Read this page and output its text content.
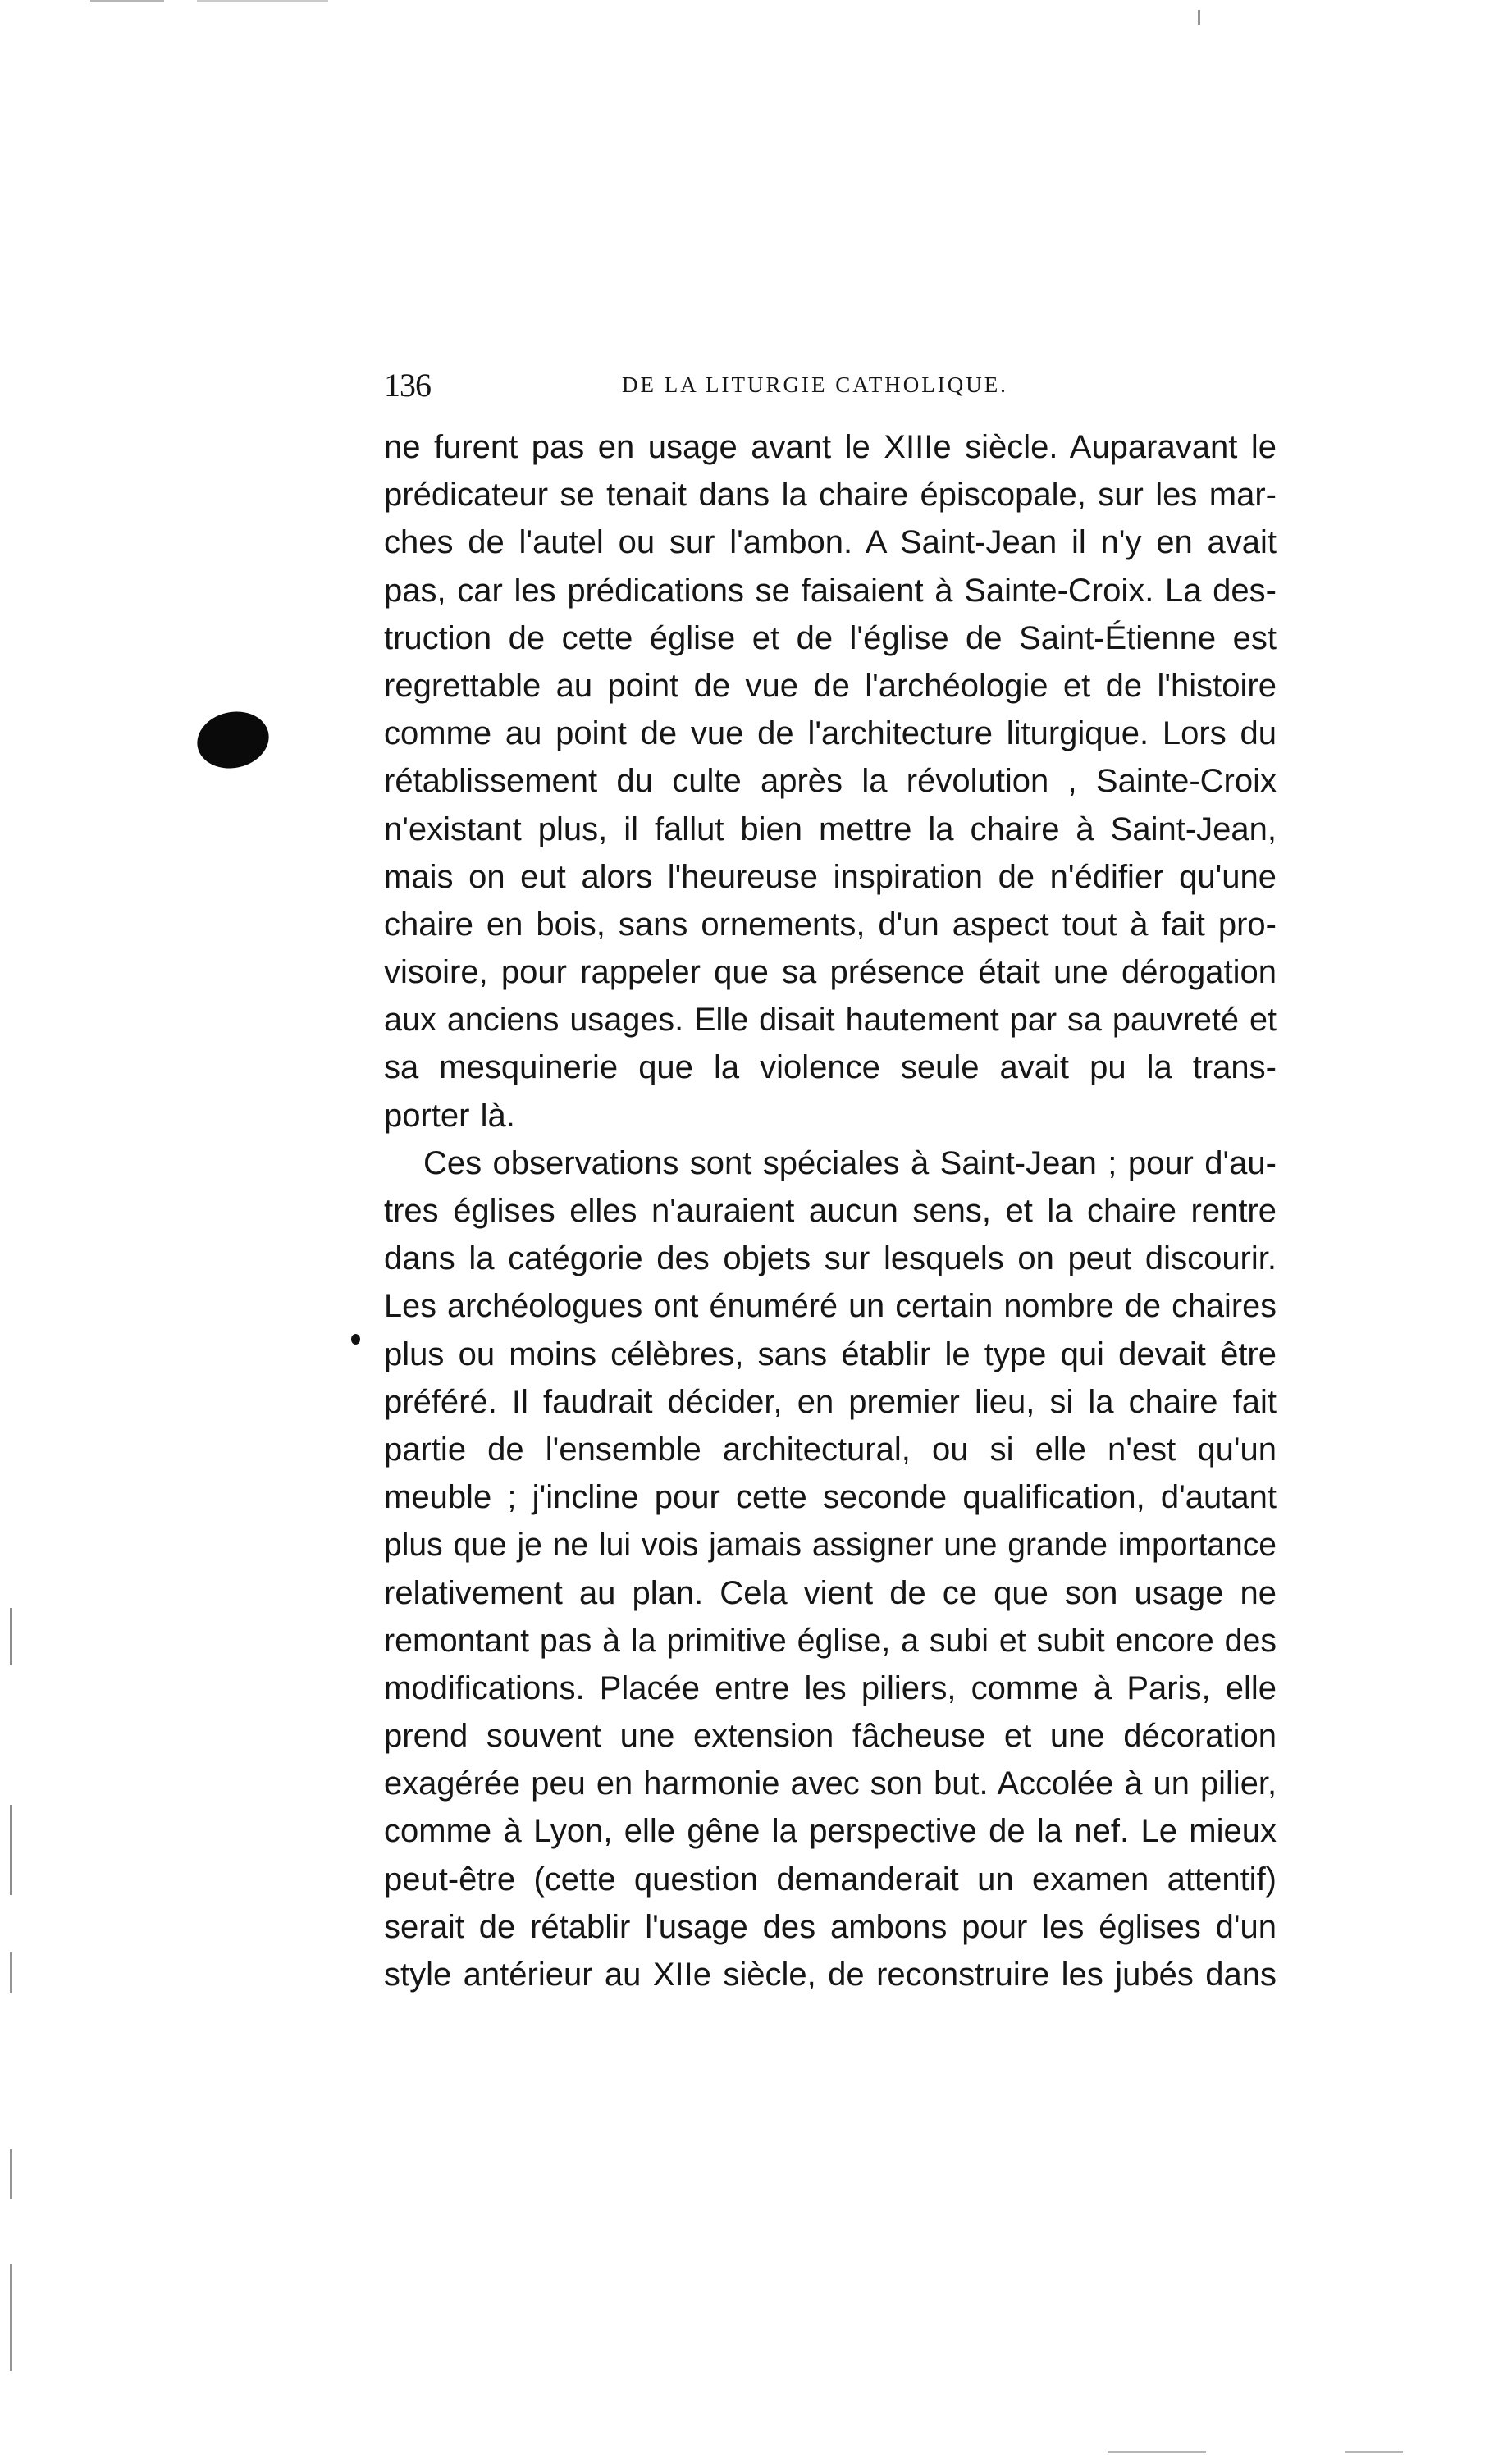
136	DE LA LITURGIE CATHOLIQUE.
ne furent pas en usage avant le XIIIe siècle. Auparavant le
prédicateur se tenait dans la chaire épiscopale, sur les mar-
ches de l'autel ou sur l'ambon. A Saint-Jean il n'y en avait
pas, car les prédications se faisaient à Sainte-Croix. La des-
truction de cette église et de l'église de Saint-Étienne est
regrettable au point de vue de l'archéologie et de l'histoire
comme au point de vue de l'architecture liturgique. Lors du
rétablissement du culte après la révolution , Sainte-Croix
n'existant plus, il fallut bien mettre la chaire à Saint-Jean,
mais on eut alors l'heureuse inspiration de n'édifier qu'une
chaire en bois, sans ornements, d'un aspect tout à fait pro-
visoire, pour rappeler que sa présence était une dérogation
aux anciens usages. Elle disait hautement par sa pauvreté et
sa mesquinerie que la violence seule avait pu la trans-
porter là.
Ces observations sont spéciales à Saint-Jean ; pour d'au-
tres églises elles n'auraient aucun sens, et la chaire rentre
dans la catégorie des objets sur lesquels on peut discourir.
Les archéologues ont énuméré un certain nombre de chaires
plus ou moins célèbres, sans établir le type qui devait être
préféré. Il faudrait décider, en premier lieu, si la chaire fait
partie de l'ensemble architectural, ou si elle n'est qu'un
meuble ; j'incline pour cette seconde qualification, d'autant
plus que je ne lui vois jamais assigner une grande importance
relativement au plan. Cela vient de ce que son usage ne
remontant pas à la primitive église, a subi et subit encore des
modifications. Placée entre les piliers, comme à Paris, elle
prend souvent une extension fâcheuse et une décoration
exagérée peu en harmonie avec son but. Accolée à un pilier,
comme à Lyon, elle gêne la perspective de la nef. Le mieux
peut-être (cette question demanderait un examen attentif)
serait de rétablir l'usage des ambons pour les églises d'un
style antérieur au XIIe siècle, de reconstruire les jubés dans
